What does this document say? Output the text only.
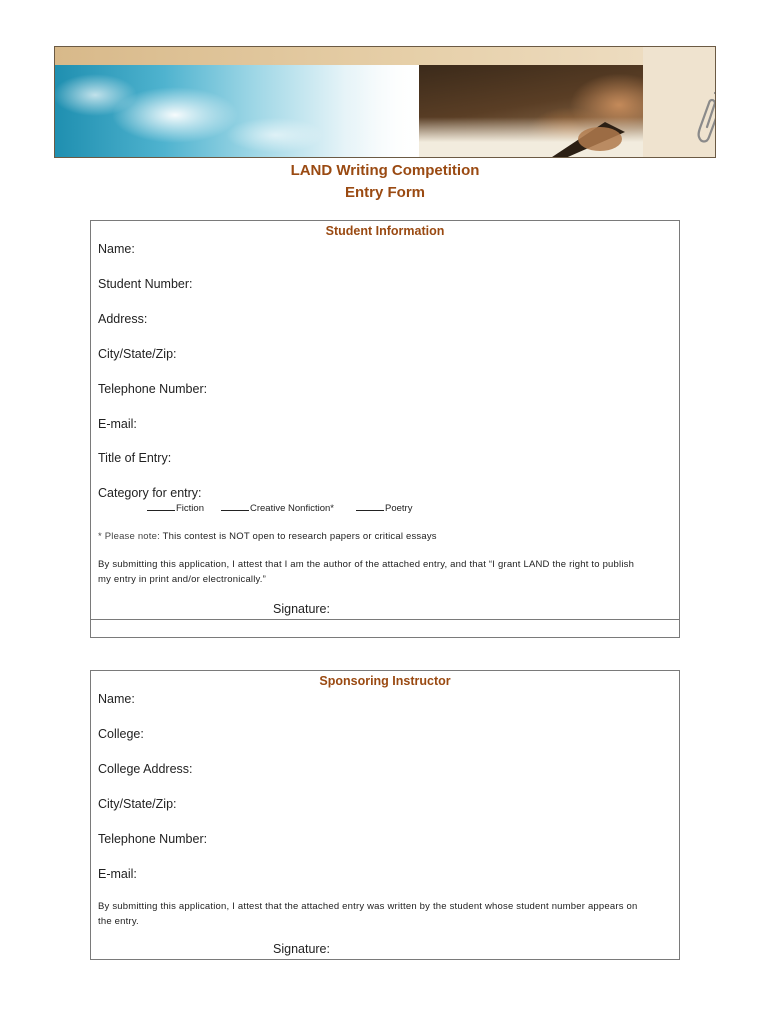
LAND Writing Competition
Entry Form
Student Information
Name:
Student Number:
Address:
City/State/Zip:
Telephone Number:
E-mail:
Title of Entry:
Category for entry:
Fiction	Creative Nonfiction*	Poetry
* Please note: This contest is NOT open to research papers or critical essays
By submitting this application, I attest that I am the author of the attached entry, and that “I grant LAND the right to publish
my entry in print and/or electronically.”
Signature:
Sponsoring Instructor
Name:
College:
College Address:
City/State/Zip:
Telephone Number:
E-mail:
By submitting this application, I attest that the attached entry was written by the student whose student number appears on
the entry.
Signature:
